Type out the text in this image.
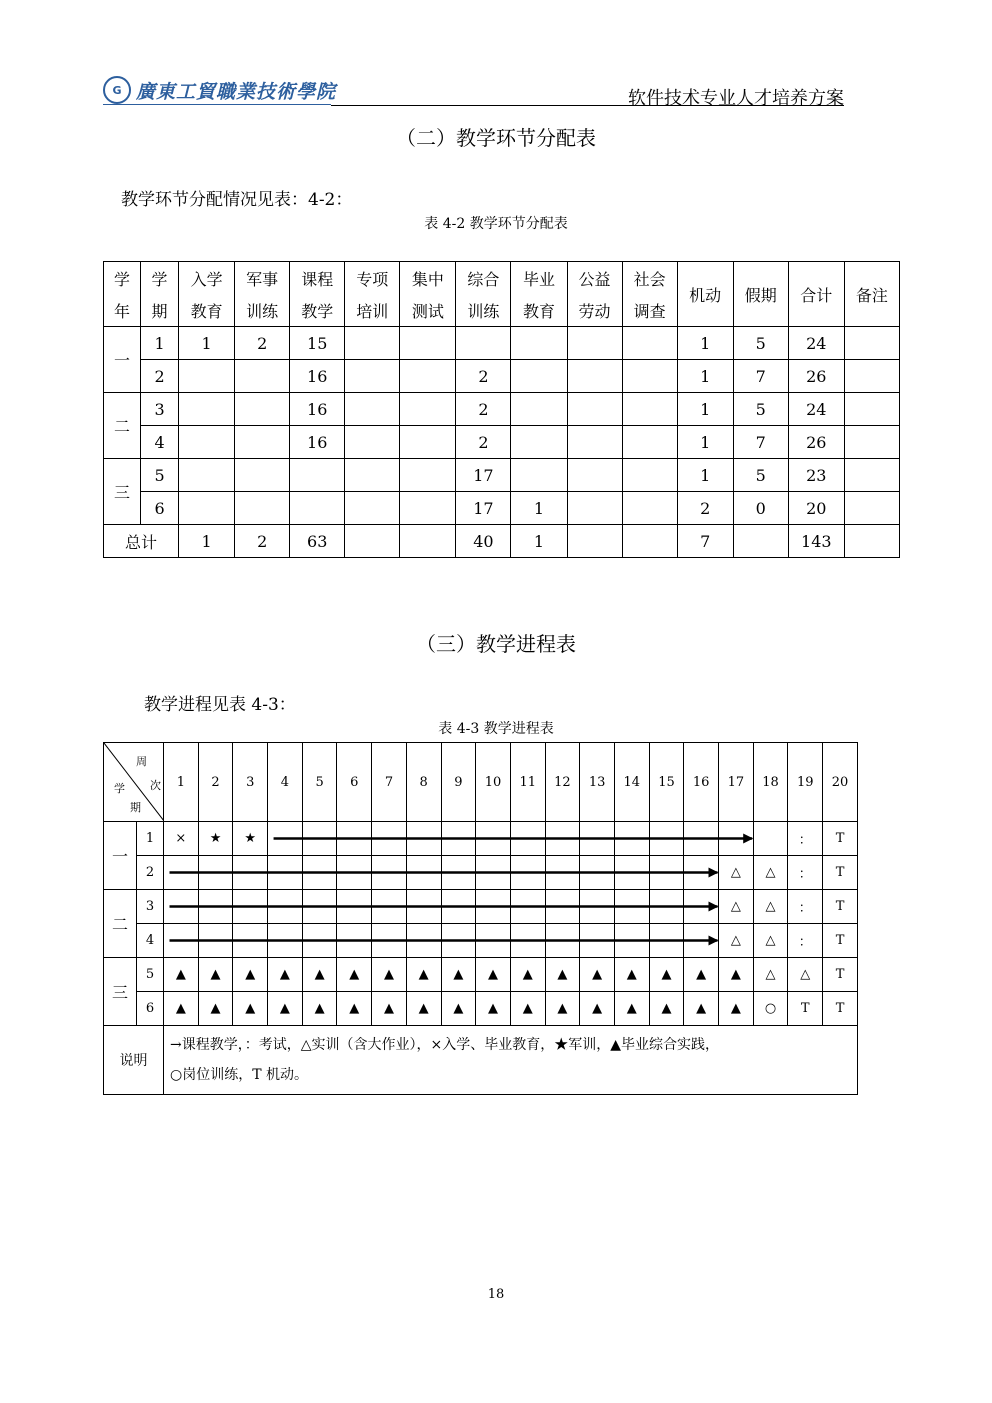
G 廣東工貿職業技術學院	软件技术专业人才培养方案
（二）教学环节分配表
教学环节分配情况见表：4-2：
表 4-2 教学环节分配表
学	学	入学	军事	课程	专项	集中	综合	毕业	公益	社会	机动	假期	合计	备注
年	期	教育	训练	教学	培训	测试	训练	教育	劳动	调查				
一	1	1	2	15							1	5	24	
	2			16			2				1	7	26	
二	3			16			2				1	5	24	
	4			16			2				1	7	26	
三	5						17				1	5	23	
	6						17	1			2	0	20	
总计		1	2	63			40	1			7		143	
（三）教学进程表
教学进程见表 4-3：
表 4-3 教学进程表
周
次
学
期		1	2	3	4	5	6	7	8	9	10	11	12	13	14	15	16	17	18	19	20
一	1	×	★	★																：	T
	2																	△	△	：	T
二	3																	△	△	：	T
	4																	△	△	：	T
三	5	▲	▲	▲	▲	▲	▲	▲	▲	▲	▲	▲	▲	▲	▲	▲	▲	▲	△	△	T
	6	▲	▲	▲	▲	▲	▲	▲	▲	▲	▲	▲	▲	▲	▲	▲	▲	▲	○	T	T
说明		→课程教学，：考试，△实训（含大作业），×入学、毕业教育，★军训，▲毕业综合实践，
○岗位训练，T 机动。																			
18
